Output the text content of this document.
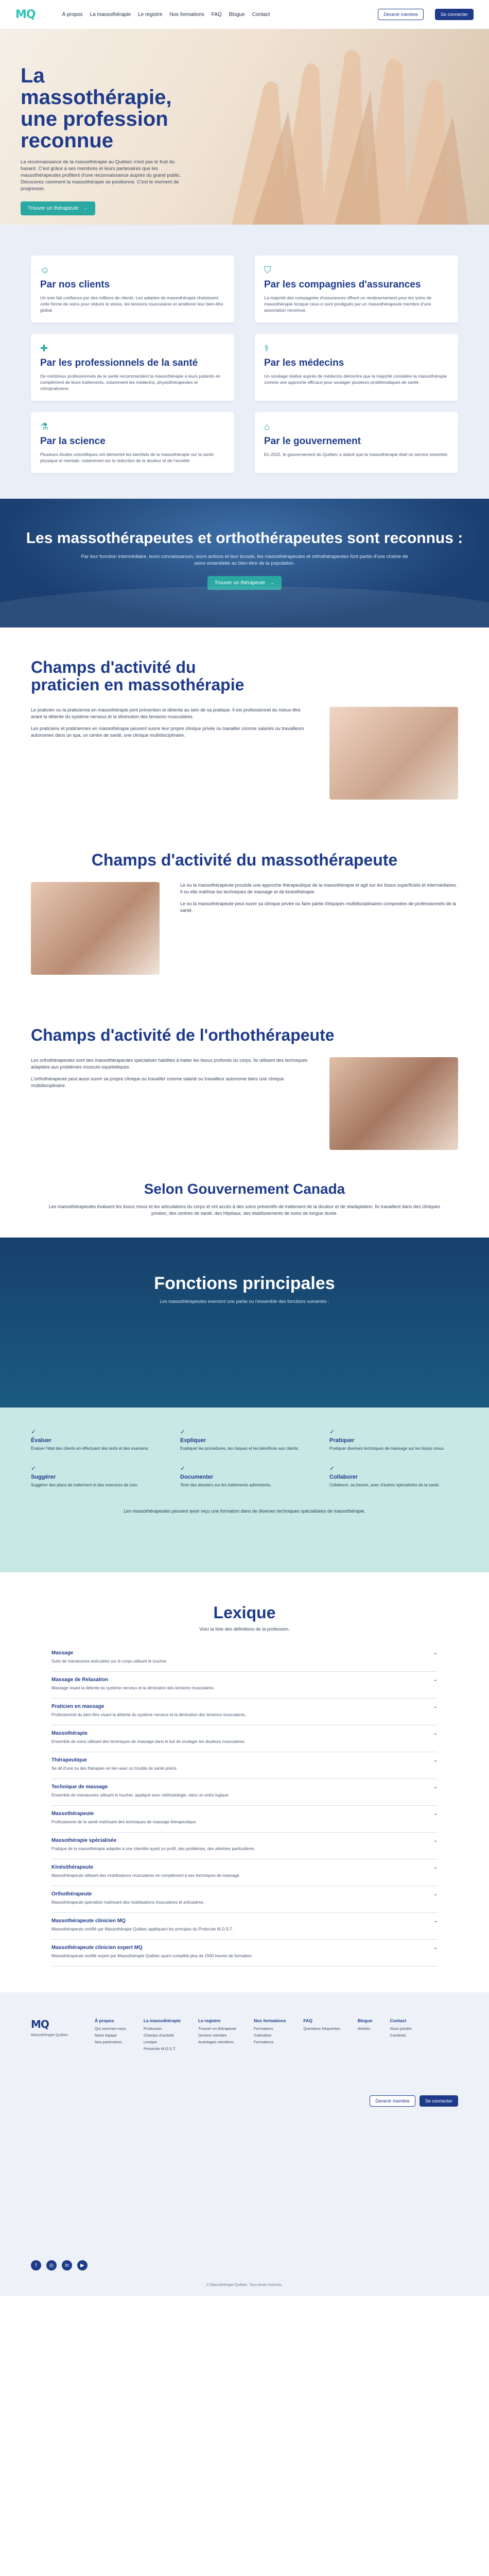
MQ	À propos La massothérapie Le registre Nos formations FAQ Blogue Contact	Devenir membre	Se connecter
La massothérapie, une profession reconnue

La reconnaissance de la massothérapie au Québec n'est pas le fruit du hasard. C'est grâce à ses membres et leurs partenaires que les massothérapeutes profitent d'une reconnaissance auprès du grand public. Découvrez comment la massothérapie se positionne. C'est le moment de progresser.

Trouver un thérapeute →
☺
Par nos clients

Un soin fait confiance par des millions de clients. Les adeptes de massothérapie choisissent cette forme de soins pour réduire le stress, les tensions musculaires et améliorer leur bien-être global.

⛉
Par les compagnies d'assurances

La majorité des compagnies d'assurances offrent un remboursement pour les soins de massothérapie lorsque ceux-ci sont prodigués par un massothérapeute membre d'une association reconnue.

✚
Par les professionnels de la santé

De nombreux professionnels de la santé recommandent la massothérapie à leurs patients en complément de leurs traitements, notamment les médecins, physiothérapeutes et chiropraticiens.

⚕
Par les médecins

Un sondage réalisé auprès de médecins démontre que la majorité considère la massothérapie comme une approche efficace pour soulager plusieurs problématiques de santé.

⚗
Par la science

Plusieurs études scientifiques ont démontré les bienfaits de la massothérapie sur la santé physique et mentale, notamment sur la réduction de la douleur et de l'anxiété.

⌂
Par le gouvernement

En 2022, le gouvernement du Québec a statué que la massothérapie était un service essentiel.

Les massothérapeutes et orthothérapeutes sont reconnus :

Par leur fonction intermédiaire, leurs connaissances, leurs actions et leur écoute, les massothérapeutes et orthothérapeutes font partie d'une chaîne de soins essentielle au bien-être de la population.

Trouver un thérapeute →
Champs d'activité du praticien en massothérapie

Le praticien ou la praticienne en massothérapie joint prévention et détente au sein de sa pratique. Il est professionnel du mieux-être avant la détente du système nerveux et la diminution des tensions musculaires.

Les praticiens et praticiennes en massothérapie peuvent suivre leur propre clinique privée ou travailler comme salariés ou travailleurs autonomes dans un spa, un centre de santé, une clinique multidisciplinaire.

Champs d'activité du massothérapeute

Le ou la massothérapeute procède une approche thérapeutique de la massothérapie et agit sur les tissus superficiels et intermédiaires. Il ou elle maîtrise les techniques de massage et de kinésithérapie.

Le ou la massothérapeute peut ouvrir sa clinique privée ou faire partie d'équipes multidisciplinaires composées de professionnels de la santé.

Champs d'activité de l'orthothérapeute

Les orthothérapeutes sont des massothérapeutes spécialisés habilités à traiter les tissus profonds du corps. Ils utilisent des techniques adaptées aux problèmes musculo-squelettiques.

L'orthothérapeute peut aussi ouvrir sa propre clinique ou travailler comme salarié ou travailleur autonome dans une clinique multidisciplinaire.

Selon Gouvernement Canada

Les massothérapeutes évaluent les tissus mous et les articulations du corps et ont accès à des soins préventifs de traitement de la douleur et de réadaptation. Ils travaillent dans des cliniques privées, des centres de santé, des hôpitaux, des établissements de soins de longue durée.

Fonctions principales

Les massothérapeutes exercent une partie ou l'ensemble des fonctions suivantes :

✓
Évaluer

Évaluer l'état des clients en effectuant des tests et des examens.

✓
Expliquer

Expliquer les procédures, les risques et les bénéfices aux clients.

✓
Pratiquer

Pratiquer diverses techniques de massage sur les tissus mous.

✓
Suggérer

Suggérer des plans de traitement et des exercices de soin.

✓
Documenter

Tenir des dossiers sur les traitements administrés.

✓
Collaborer

Collaborer, au besoin, avec d'autres spécialistes de la santé.

Les massothérapeutes peuvent avoir reçu une formation dans de diverses techniques spécialisées de massothérapie.

Lexique

Voici la liste des définitions de la profession.

Massage

Suite de manœuvres exécutées sur le corps utilisant le toucher.

⌄
Massage de Relaxation

Massage visant la détente du système nerveux et la diminution des tensions musculaires.

⌄
Praticien en massage

Professionnel du bien-être visant la détente du système nerveux et la diminution des tensions musculaires.

⌄
Massothérapie

Ensemble de soins utilisant des techniques de massage dans le but de soulager les douleurs musculaires.

⌄
Thérapeutique

Se dit d'une ou des thérapies en lien avec un trouble de santé précis.

⌄
Technique de massage

Ensemble de manœuvres utilisant le toucher, appliqué avec méthodologie, dans un ordre logique.

⌄
Massothérapeute

Professionnel de la santé maîtrisant des techniques de massage thérapeutique.

⌄
Massothérapie spécialisée

Pratique de la massothérapie adaptée à une clientèle ayant un profil, des problèmes, des atteintes particulières.

⌄
Kinésithérapeute

Massothérapeute utilisant des mobilisations musculaires en complément à ses techniques de massage.

⌄
Orthothérapeute

Massothérapeute spécialisé maîtrisant des mobilisations musculaires et articulaires.

⌄
Massothérapeute clinicien MQ

Massothérapeute certifié par Massothérapie Québec appliquant les principes du Protocole M.O.S.T.

⌄
Massothérapeute clinicien expert MQ

Massothérapeute certifié expert par Massothérapie Québec ayant complété plus de 1500 heures de formation.

⌄
MQ

Massothérapie Québec

À propos
Qui sommes-nous
Notre équipe
Nos partenaires
La massothérapie
Profession
Champs d'activité
Lexique
Protocole M.O.S.T.
Le registre
Trouver un thérapeute
Devenir membre
Avantages membres
Nos formations
Formations
Calendrier
Formateurs
FAQ
Questions fréquentes
Blogue
Articles
Contact
Nous joindre
Carrières
Devenir membre	Se connecter
f	◎	in	▶
© Massothérapie Québec. Tous droits réservés.
